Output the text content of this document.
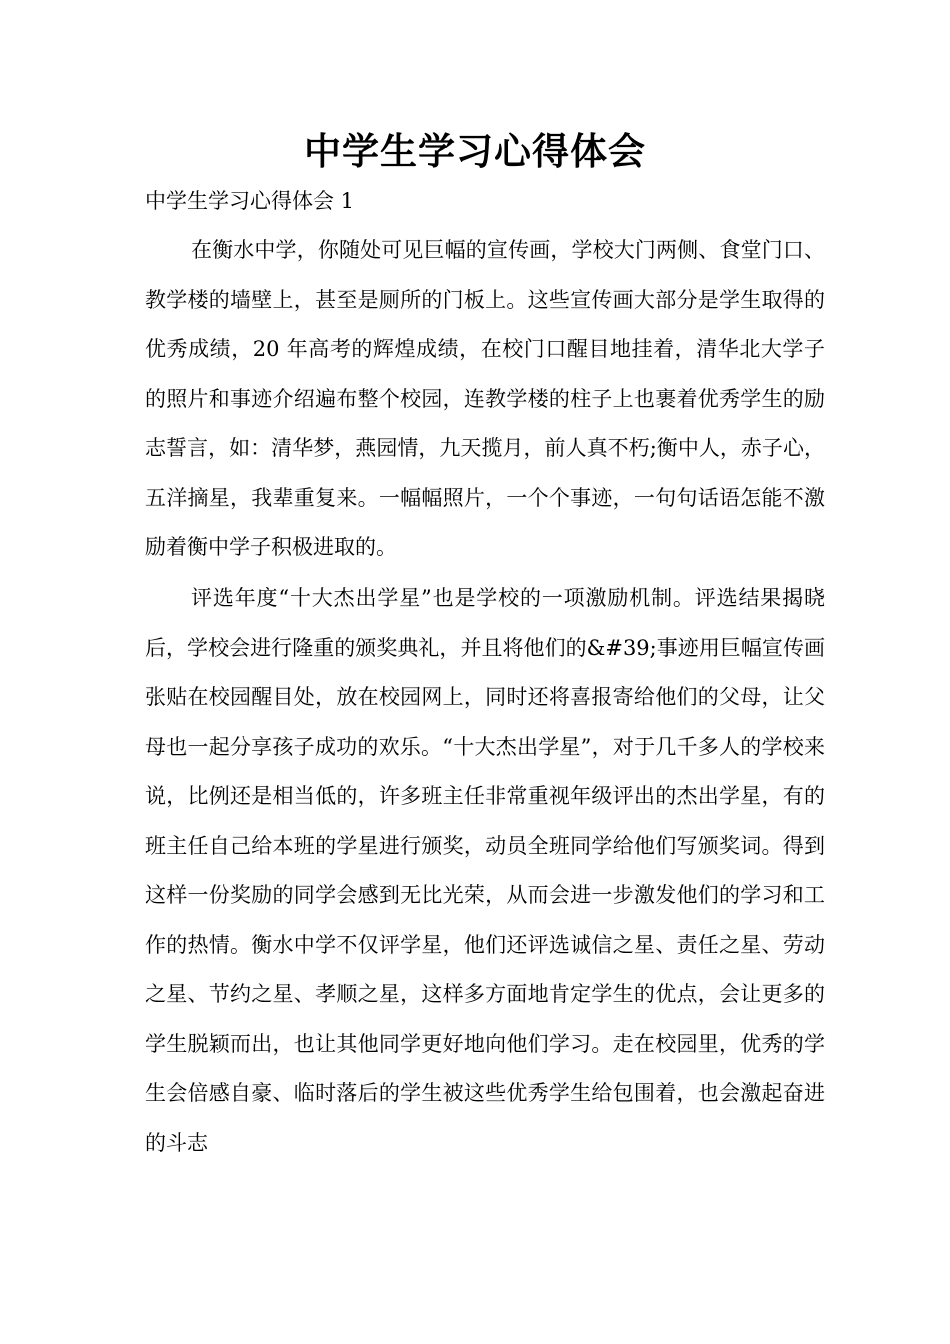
中学生学习心得体会
中学生学习心得体会 1

在衡水中学，你随处可见巨幅的宣传画，学校大门两侧、食堂门口、教学楼的墙壁上，甚至是厕所的门板上。这些宣传画大部分是学生取得的优秀成绩，20 年高考的辉煌成绩，在校门口醒目地挂着，清华北大学子的照片和事迹介绍遍布整个校园，连教学楼的柱子上也裹着优秀学生的励志誓言，如：清华梦，燕园情，九天揽月，前人真不朽;衡中人，赤子心，五洋摘星，我辈重复来。一幅幅照片，一个个事迹，一句句话语怎能不激励着衡中学子积极进取的。

评选年度“十大杰出学星”也是学校的一项激励机制。评选结果揭晓后，学校会进行隆重的颁奖典礼，并且将他们的&#39;事迹用巨幅宣传画张贴在校园醒目处，放在校园网上，同时还将喜报寄给他们的父母，让父母也一起分享孩子成功的欢乐。“十大杰出学星”，对于几千多人的学校来说，比例还是相当低的，许多班主任非常重视年级评出的杰出学星，有的班主任自己给本班的学星进行颁奖，动员全班同学给他们写颁奖词。得到这样一份奖励的同学会感到无比光荣，从而会进一步激发他们的学习和工作的热情。衡水中学不仅评学星，他们还评选诚信之星、责任之星、劳动之星、节约之星、孝顺之星，这样多方面地肯定学生的优点，会让更多的学生脱颖而出，也让其他同学更好地向他们学习。走在校园里，优秀的学生会倍感自豪、临时落后的学生被这些优秀学生给包围着，也会激起奋进的斗志
